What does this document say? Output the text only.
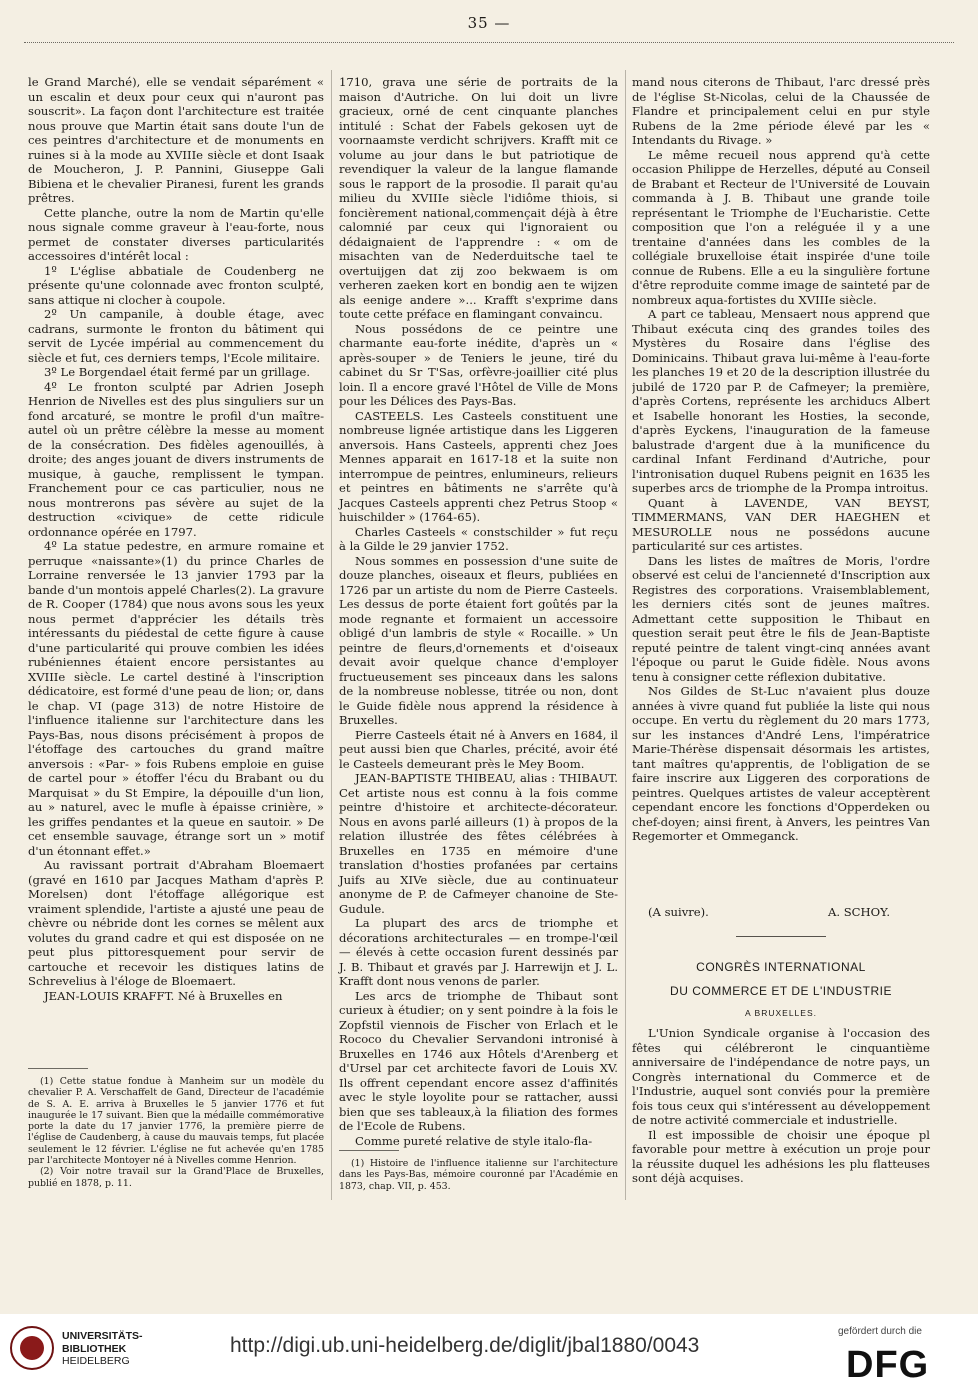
35 —

le Grand Marché), elle se vendait séparément « un escalin et deux pour ceux qui n'auront pas souscrit». La façon dont l'architecture est traitée nous prouve que Martin était sans doute l'un de ces peintres d'architecture et de monuments en ruines si à la mode au XVIIIe siècle et dont Isaak de Moucheron, J. P. Pannini, Giuseppe Gali Bibiena et le chevalier Piranesi, furent les grands prêtres.

Cette planche, outre la nom de Martin qu'elle nous signale comme graveur à l'eau-forte, nous permet de constater diverses particularités accessoires d'intérêt local :

1º L'église abbatiale de Coudenberg ne présente qu'une colonnade avec fronton sculpté, sans attique ni clocher à coupole.

2º Un campanile, à double étage, avec cadrans, surmonte le fronton du bâtiment qui servit de Lycée impérial au commencement du siècle et fut, ces derniers temps, l'Ecole militaire.

3º Le Borgendael était fermé par un grillage.

4º Le fronton sculpté par Adrien Joseph Henrion de Nivelles est des plus singuliers sur un fond arcaturé, se montre le profil d'un maître-autel où un prêtre célèbre la messe au moment de la consécration. Des fidèles agenouillés, à droite; des anges jouant de divers instruments de musique, à gauche, remplissent le tympan. Franchement pour ce cas particulier, nous ne nous montrerons pas sévère au sujet de la destruction «civique» de cette ridicule ordonnance opérée en 1797.

4º La statue pedestre, en armure romaine et perruque «naissante»(1) du prince Charles de Lorraine renversée le 13 janvier 1793 par la bande d'un montois appelé Charles(2). La gravure de R. Cooper (1784) que nous avons sous les yeux nous permet d'apprécier les détails très intéressants du piédestal de cette figure à cause d'une particularité qui prouve combien les idées rubéniennes étaient encore persistantes au XVIIIe siècle. Le cartel destiné à l'inscription dédicatoire, est formé d'une peau de lion; or, dans le chap. VI (page 313) de notre Histoire de l'influence italienne sur l'architecture dans les Pays-Bas, nous disons précisément à propos de l'étoffage des cartouches du grand maître anversois : «Par- » fois Rubens emploie en guise de cartel pour » étoffer l'écu du Brabant ou du Marquisat » du St Empire, la dépouille d'un lion, au » naturel, avec le mufle à épaisse crinière, » les griffes pendantes et la queue en sautoir. » De cet ensemble sauvage, étrange sort un » motif d'un étonnant effet.»

Au ravissant portrait d'Abraham Bloemaert (gravé en 1610 par Jacques Matham d'après P. Morelsen) dont l'étoffage allégorique est vraiment splendide, l'artiste a ajusté une peau de chèvre ou nébride dont les cornes se mêlent aux volutes du grand cadre et qui est disposée on ne peut plus pittoresquement pour servir de cartouche et recevoir les distiques latins de Schrevelius à l'éloge de Bloemaert.

JEAN-LOUIS KRAFFT. Né à Bruxelles en

(1) Cette statue fondue à Manheim sur un modèle du chevalier P. A. Verschaffelt de Gand, Directeur de l'académie de S. A. E. arriva à Bruxelles le 5 janvier 1776 et fut inaugurée le 17 suivant. Bien que la médaille commémorative porte la date du 17 janvier 1776, la première pierre de l'église de Caudenberg, à cause du mauvais temps, fut placée seulement le 12 février. L'église ne fut achevée qu'en 1785 par l'architecte Montoyer né à Nivelles comme Henrion.

(2) Voir notre travail sur la Grand'Place de Bruxelles, publié en 1878, p. 11.

1710, grava une série de portraits de la maison d'Autriche. On lui doit un livre gracieux, orné de cent cinquante planches intitulé : Schat der Fabels gekosen uyt de voornaamste verdicht schrijvers. Krafft mit ce volume au jour dans le but patriotique de revendiquer la valeur de la langue flamande sous le rapport de la prosodie. Il parait qu'au milieu du XVIIIe siècle l'idiôme thiois, si foncièrement national,commençait déjà à être calomnié par ceux qui l'ignoraient ou dédaignaient de l'apprendre : « om de misachten van de Nederduitsche tael te overtuijgen dat zij zoo bekwaem is om verheren zaeken kort en bondig aen te wijzen als eenige andere »... Krafft s'exprime dans toute cette préface en flamingant convaincu.

Nous possédons de ce peintre une charmante eau-forte inédite, d'après un « après-souper » de Teniers le jeune, tiré du cabinet du Sr T'Sas, orfèvre-joaillier cité plus loin. Il a encore gravé l'Hôtel de Ville de Mons pour les Délices des Pays-Bas.

CASTEELS. Les Casteels constituent une nombreuse lignée artistique dans les Liggeren anversois. Hans Casteels, apprenti chez Joes Mennes apparait en 1617-18 et la suite non interrompue de peintres, enlumineurs, relieurs et peintres en bâtiments ne s'arrête qu'à Jacques Casteels apprenti chez Petrus Stoop « huischilder » (1764-65).

Charles Casteels « constschilder » fut reçu à la Gilde le 29 janvier 1752.

Nous sommes en possession d'une suite de douze planches, oiseaux et fleurs, publiées en 1726 par un artiste du nom de Pierre Casteels. Les dessus de porte étaient fort goûtés par la mode regnante et formaient un accessoire obligé d'un lambris de style « Rocaille. » Un peintre de fleurs,d'ornements et d'oiseaux devait avoir quelque chance d'employer fructueusement ses pinceaux dans les salons de la nombreuse noblesse, titrée ou non, dont le Guide fidèle nous apprend la résidence à Bruxelles.

Pierre Casteels était né à Anvers en 1684, il peut aussi bien que Charles, précité, avoir été le Casteels demeurant près le Mey Boom.

JEAN-BAPTISTE THIBEAU, alias : THIBAUT. Cet artiste nous est connu à la fois comme peintre d'histoire et architecte-décorateur. Nous en avons parlé ailleurs (1) à propos de la relation illustrée des fêtes célébrées à Bruxelles en 1735 en mémoire d'une translation d'hosties profanées par certains Juifs au XIVe siècle, due au continuateur anonyme de P. de Cafmeyer chanoine de Ste-Gudule.

La plupart des arcs de triomphe et décorations architecturales — en trompe-l'œil — élevés à cette occasion furent dessinés par J. B. Thibaut et gravés par J. Harrewijn et J. L. Krafft dont nous venons de parler.

Les arcs de triomphe de Thibaut sont curieux à étudier; on y sent poindre à la fois le Zopfstil viennois de Fischer von Erlach et le Rococo du Chevalier Servandoni intronisé à Bruxelles en 1746 aux Hôtels d'Arenberg et d'Ursel par cet architecte favori de Louis XV. Ils offrent cependant encore assez d'affinités avec le style loyolite pour se rattacher, aussi bien que ses tableaux,à la filiation des formes de l'Ecole de Rubens.

Comme pureté relative de style italo-fla-

(1) Histoire de l'influence italienne sur l'architecture dans les Pays-Bas, mémoire couronné par l'Académie en 1873, chap. VII, p. 453.

mand nous citerons de Thibaut, l'arc dressé près de l'église St-Nicolas, celui de la Chaussée de Flandre et principalement celui en pur style Rubens de la 2me période élevé par les « Intendants du Rivage. »

Le même recueil nous apprend qu'à cette occasion Philippe de Herzelles, député au Conseil de Brabant et Recteur de l'Université de Louvain commanda à J. B. Thibaut une grande toile représentant le Triomphe de l'Eucharistie. Cette composition que l'on a reléguée il y a une trentaine d'années dans les combles de la collégiale bruxelloise était inspirée d'une toile connue de Rubens. Elle a eu la singulière fortune d'être reproduite comme image de sainteté par de nombreux aqua-fortistes du XVIIIe siècle.

A part ce tableau, Mensaert nous apprend que Thibaut exécuta cinq des grandes toiles des Mystères du Rosaire dans l'église des Dominicains. Thibaut grava lui-même à l'eau-forte les planches 19 et 20 de la description illustrée du jubilé de 1720 par P. de Cafmeyer; la première, d'après Cortens, représente les archiducs Albert et Isabelle honorant les Hosties, la seconde, d'après Eyckens, l'inauguration de la fameuse balustrade d'argent due à la munificence du cardinal Infant Ferdinand d'Autriche, pour l'intronisation duquel Rubens peignit en 1635 les superbes arcs de triomphe de la Prompa introitus.

Quant à LAVENDE, VAN BEYST, TIMMERMANS, VAN DER HAEGHEN et MESUROLLE nous ne possédons aucune particularité sur ces artistes.

Dans les listes de maîtres de Moris, l'ordre observé est celui de l'ancienneté d'Inscription aux Registres des corporations. Vraisemblablement, les derniers cités sont de jeunes maîtres. Admettant cette supposition le Thibaut en question serait peut être le fils de Jean-Baptiste reputé peintre de talent vingt-cinq années avant l'époque ou parut le Guide fidèle. Nous avons tenu à consigner cette réflexion dubitative.

Nos Gildes de St-Luc n'avaient plus douze années à vivre quand fut publiée la liste qui nous occupe. En vertu du règlement du 20 mars 1773, sur les instances d'André Lens, l'impératrice Marie-Thérèse dispensait désormais les artistes, tant maîtres qu'apprentis, de l'obligation de se faire inscrire aux Liggeren des corporations de peintres. Quelques artistes de valeur acceptèrent cependant encore les fonctions d'Opperdeken ou chef-doyen; ainsi firent, à Anvers, les peintres Van Regemorter et Ommeganck.

(A suivre).	A. SCHOY.
CONGRÈS INTERNATIONAL
DU COMMERCE ET DE L'INDUSTRIE
A BRUXELLES.

L'Union Syndicale organise à l'occasion des fêtes qui célébreront le cinquantième anniversaire de l'indépendance de notre pays, un Congrès international du Commerce et de l'Industrie, auquel sont conviés pour la première fois tous ceux qui s'intéressent au développement de notre activité commerciale et industrielle.

Il est impossible de choisir une époque pl favorable pour mettre à exécution un proje pour la réussite duquel les adhésions les plu flatteuses sont déjà acquises.

UNIVERSITÄTS-
BIBLIOTHEK
HEIDELBERG
http://digi.ub.uni-heidelberg.de/diglit/jbal1880/0043
gefördert durch die
DFG
